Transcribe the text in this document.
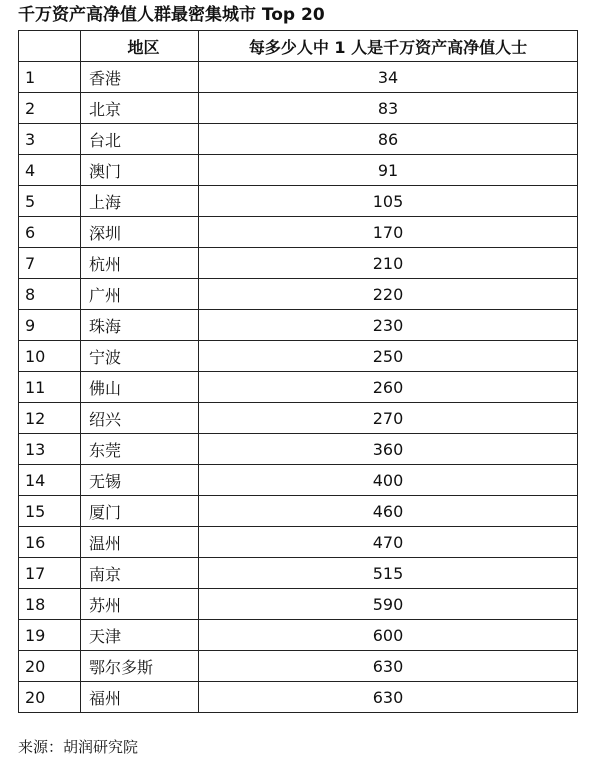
千万资产高净值人群最密集城市 Top 20
	地区	每多少人中 1 人是千万资产高净值人士
1	香港	34
2	北京	83
3	台北	86
4	澳门	91
5	上海	105
6	深圳	170
7	杭州	210
8	广州	220
9	珠海	230
10	宁波	250
11	佛山	260
12	绍兴	270
13	东莞	360
14	无锡	400
15	厦门	460
16	温州	470
17	南京	515
18	苏州	590
19	天津	600
20	鄂尔多斯	630
20	福州	630
来源：胡润研究院
